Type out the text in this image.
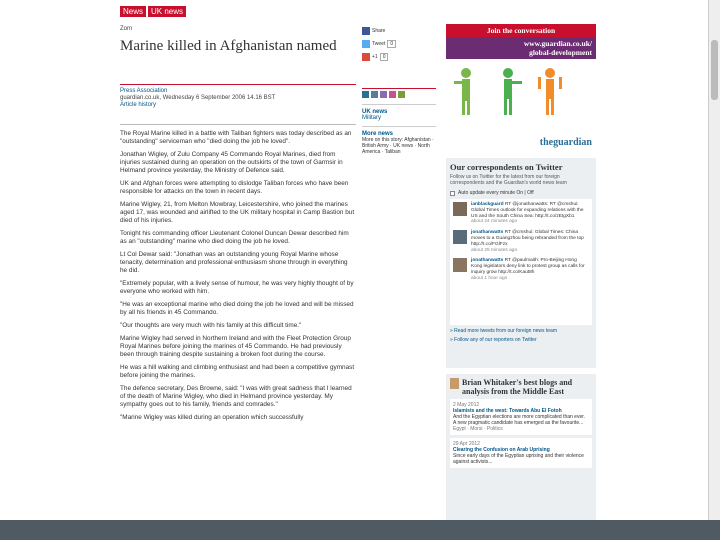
News	UK news
Zorn
Marine killed in Afghanistan named
Share
Tweet	0
+1	0
Press Association
guardian.co.uk, Wednesday 6 September 2006 14.16 BST
Article history
UK news
Military
More news
More on this story: Afghanistan · British Army · UK news · North America · Taliban

The Royal Marine killed in a battle with Taliban fighters was today described as an "outstanding" serviceman who "died doing the job he loved".

Jonathan Wigley, of Zulu Company 45 Commando Royal Marines, died from injuries sustained during an operation on the outskirts of the town of Garmsir in Helmand province yesterday, the Ministry of Defence said.

UK and Afghan forces were attempting to dislodge Taliban forces who have been responsible for attacks on the town in recent days.

Marine Wigley, 21, from Melton Mowbray, Leicestershire, who joined the marines aged 17, was wounded and airlifted to the UK military hospital in Camp Bastion but died of his injuries.

Tonight his commanding officer Lieutenant Colonel Duncan Dewar described him as an "outstanding" marine who died doing the job he loved.

Lt Col Dewar said: "Jonathan was an outstanding young Royal Marine whose tenacity, determination and professional enthusiasm shone through in everything he did.

"Extremely popular, with a lively sense of humour, he was very highly thought of by everyone who worked with him.

"He was an exceptional marine who died doing the job he loved and will be missed by all his friends in 45 Commando.

"Our thoughts are very much with his family at this difficult time."

Marine Wigley had served in Northern Ireland and with the Fleet Protection Group Royal Marines before joining the marines of 45 Commando. He had previously been through training despite sustaining a broken foot during the course.

He was a hill walking and climbing enthusiast and had been a competitive gymnast before joining the marines.

The defence secretary, Des Browne, said: "I was with great sadness that I learned of the death of Marine Wigley, who died in Helmand province yesterday. My sympathy goes out to his family, friends and comrades."

"Marine Wigley was killed during an operation which successfully

Join the conversation
www.guardian.co.uk/
global-development
theguardian
Our correspondents on Twitter
Follow us on Twitter for the latest from our foreign correspondents and the Guardian's world news team
Auto update every minute On | Off
ianblackguard RT @jonathanwatts: RT @cmshui: Global Times outlook for expanding relations with the US and the South China Sea: http://t.co/zEtgXb1
about 24 minutes ago
jonathanwatts RT @cmshui: Global Times: China moves to a Guangzhou being rebranded from the top http://t.co/FGlFzx
about 25 minutes ago
jonathanwatts RT @paulmaith: Pro-Beijing Hong Kong legislators deny link to protest group as calls for inquiry grow http://t.co/Kaut8h
about 1 hour ago
» Read more tweets from our foreign news team
» Follow any of our reporters on Twitter
Brian Whitaker's best blogs and analysis from the Middle East
2 May 2012
Islamists and the west: Towards Abu El Fotoh
And the Egyptian elections are more complicated than ever. A new pragmatic candidate has emerged as the favourite...
Egypt · Morsi · Politics
29 Apr 2012
Clearing the Confusion on Arab Uprising
Since early days of the Egyptian uprising and their violence against activists...
